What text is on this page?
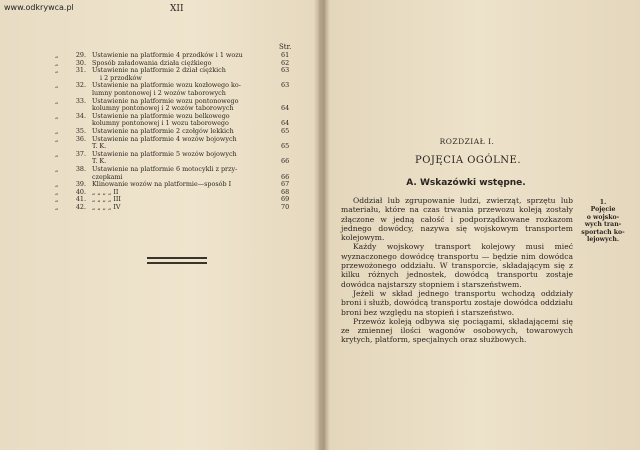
www.odkrywca.pl	XII
Str.
„	29. Ustawienie na platformie 4 przodków i 1 wozu	61
„	30. Sposób załadowania działa ciężkiego	62
„	31. Ustawienie na platformie 2 dział ciężkich	63
i 2 przodków
„	32. Ustawienie na platformie wozu kozłowego ko-	63
lumny pontonowej i 2 wozów taborowych
„	33. Ustawienie na platformie wozu pontonowego
kolumny pontonowej i 2 wozów taborowych	64
„	34. Ustawienie na platformie wozu belkowego
kolumny pontonowej i 1 wozu taborowego	64
„	35. Ustawienie na platformie 2 czołgów lekkich	65
„	36. Ustawienie na platformie 4 wozów bojowych
T. K.	65
„	37. Ustawienie na platformie 5 wozów bojowych
T. K.	66
„	38. Ustawienie na platformie 6 motocykli z przy-
czepkami	66
„	39. Klinowanie wozów na platformie—sposób I	67
„	40. „ „ „ „ II	68
„	41. „ „ „ „ III	69
„	42. „ „ „ „ IV	70
ROZDZIAŁ I.
POJĘCIA OGÓLNE.
A. Wskazówki wstępne.

Oddział lub zgrupowanie ludzi, zwierząt, sprzętu lub materiału, które na czas trwania przewozu koleją zostały złączone w jedną całość i podporządkowane rozkazom jednego dowódcy, nazywa się wojskowym transportem kolejowym.

Każdy wojskowy transport kolejowy musi mieć wyznaczonego dowódcę transportu — będzie nim dowódca przewożonego oddziału. W transporcie, składającym się z kilku różnych jednostek, dowódcą transportu zostaje dowódca najstarszy stopniem i starszeństwem.

Jeżeli w skład jednego transportu wchodzą oddziały broni i służb, dowódcą transportu zostaje dowódca oddziału broni bez względu na stopień i starszeństwo.

Przewóz koleją odbywa się pociągami, składającemi się ze zmiennej ilości wagonów osobowych, towarowych krytych, platform, specjalnych oraz służbowych.

1.
Pojęcie
o wojsko-
wych tran-
sportach ko-
lejowych.
